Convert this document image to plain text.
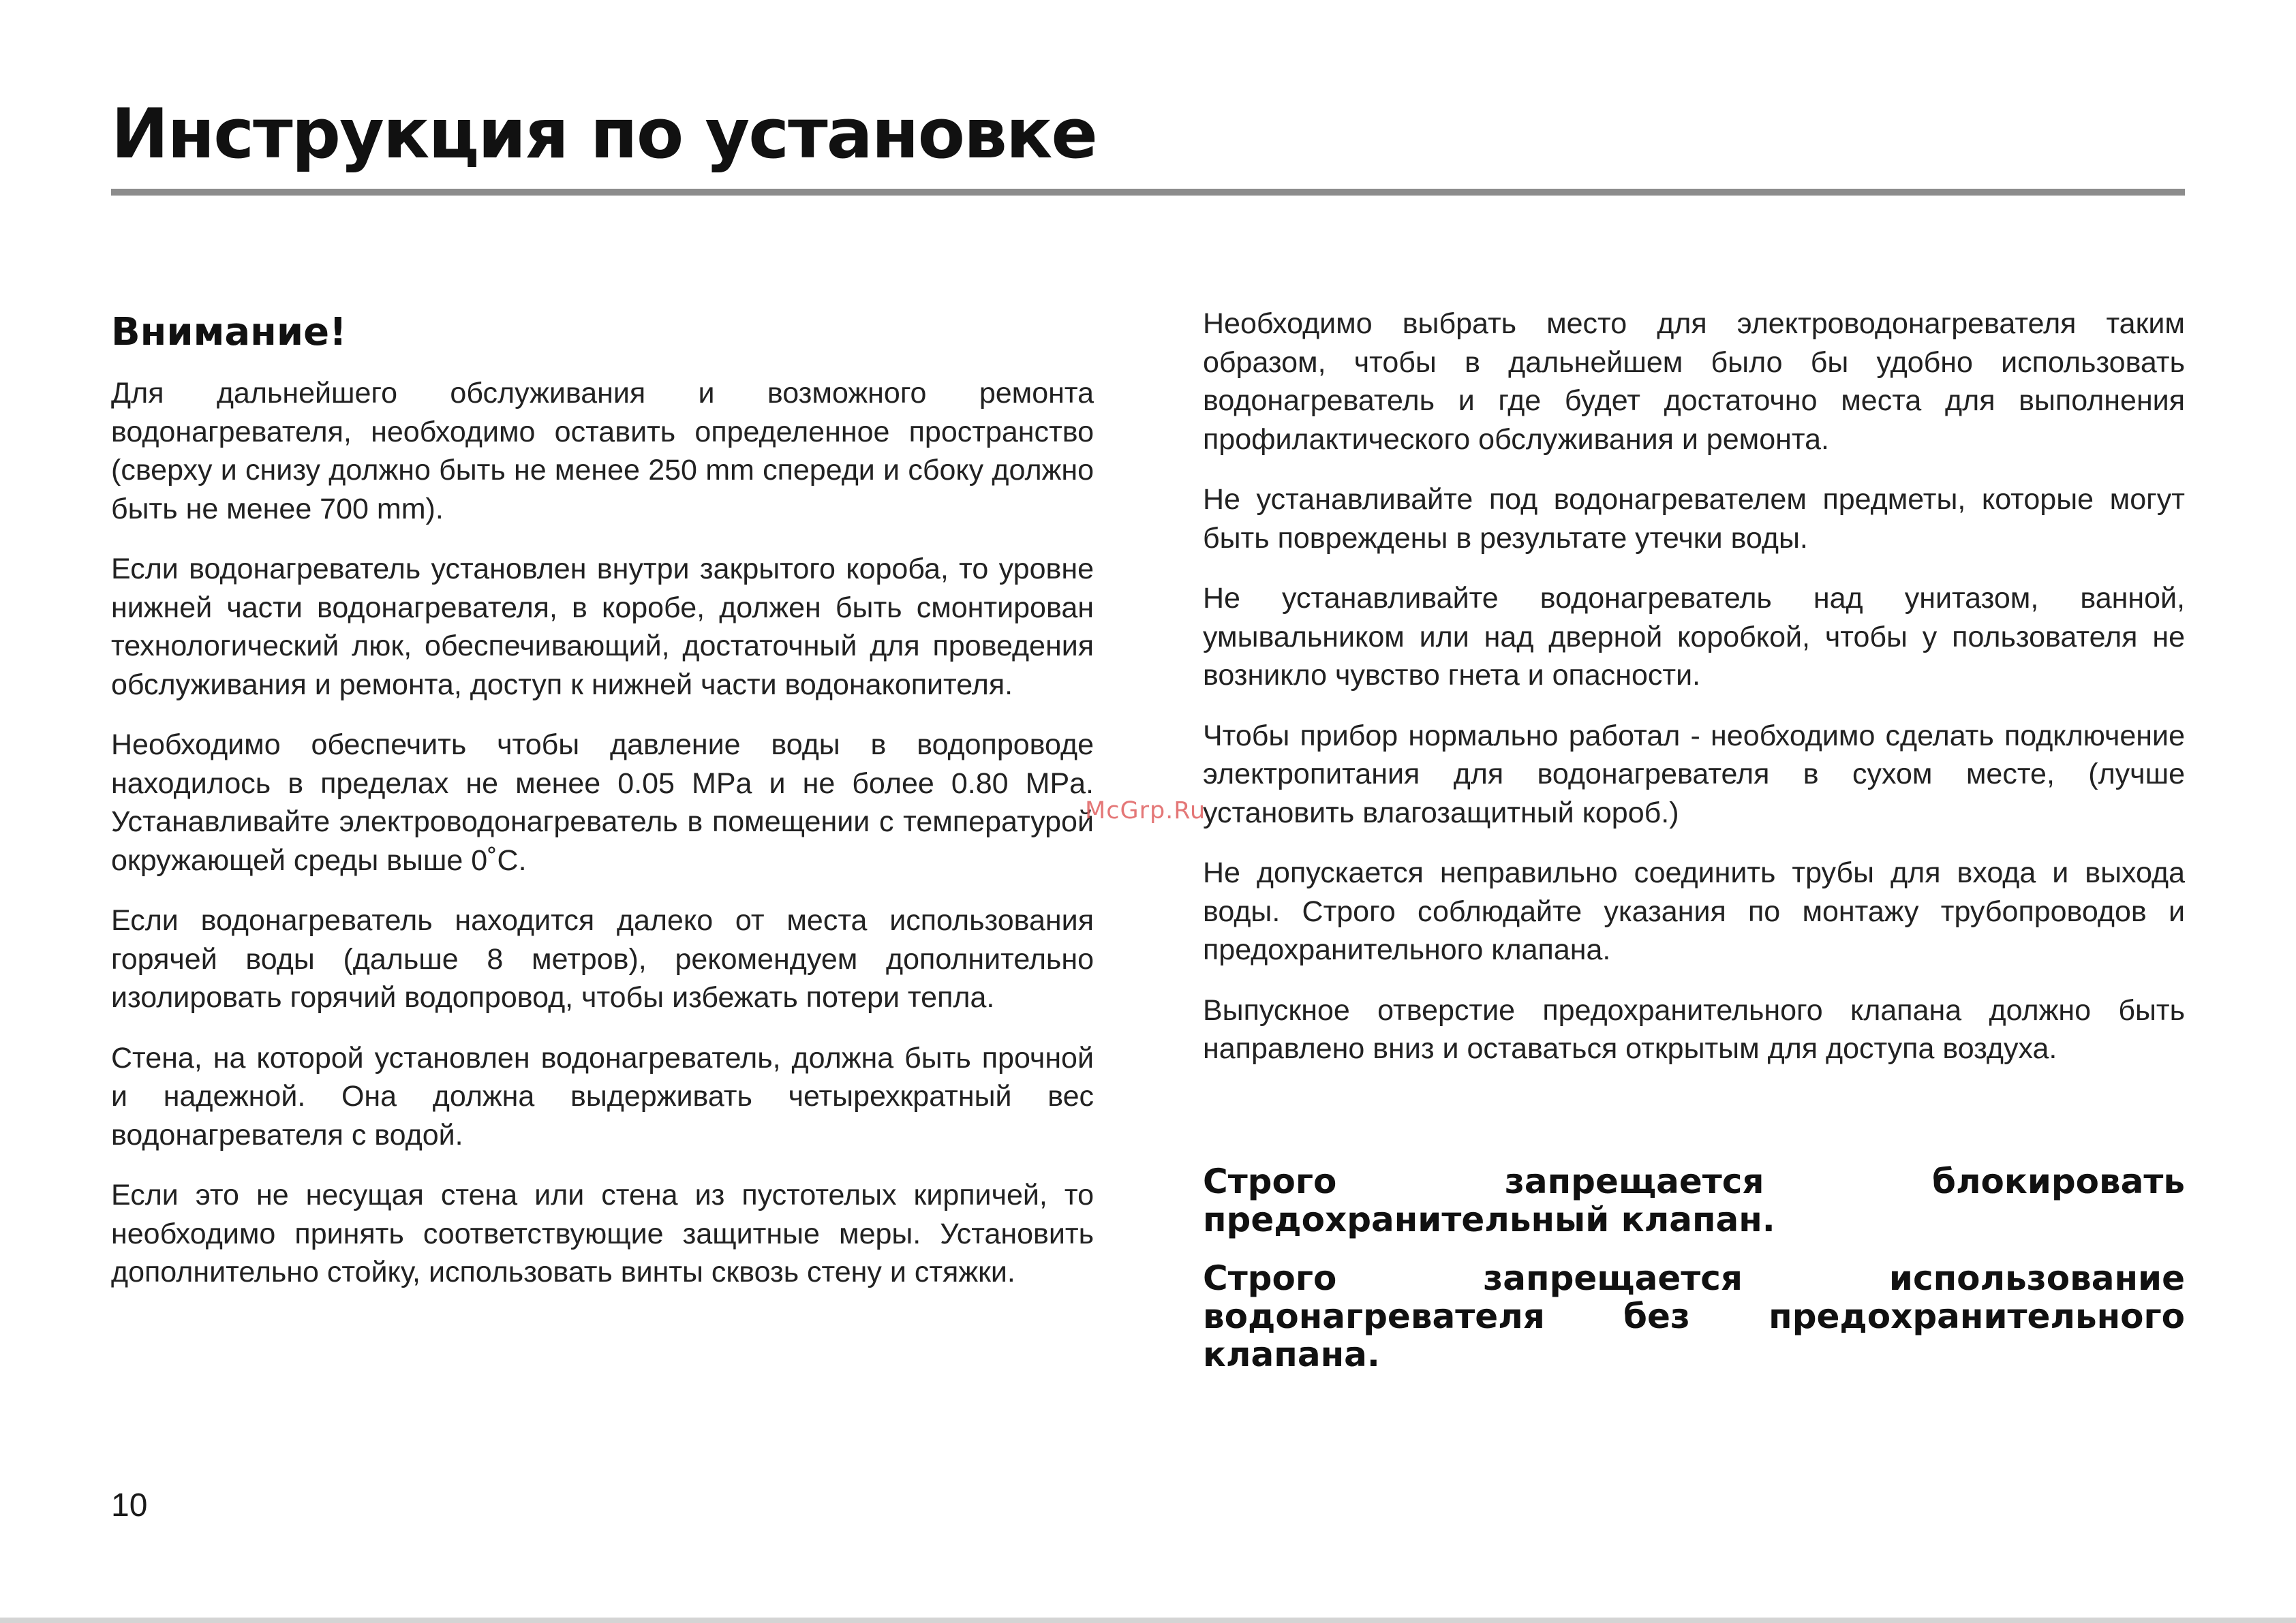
Инструкция по установке
Внимание!

Для дальнейшего обслуживания и возможного ремонта водонагревателя, необходимо оставить определенное пространство (сверху и снизу должно быть не менее 250 mm спереди и сбоку должно быть не менее 700 mm).

Если водонагреватель установлен внутри закрытого короба, то уровне нижней части водонагревателя, в коробе, должен быть смонтирован технологический люк, обеспечивающий, достаточный для проведения обслуживания и ремонта, доступ к нижней части водонакопителя.

Необходимо обеспечить чтобы давление воды в водопроводе находилось в пределах не менее 0.05 MPa и не более 0.80 MPa. Устанавливайте электроводонагреватель в помещении с температурой окружающей среды выше 0˚С.

Если водонагреватель находится далеко от места использования горячей воды (дальше 8 метров), рекомендуем дополнительно изолировать горячий водопровод, чтобы избежать потери тепла.

Стена, на которой установлен водонагреватель, должна быть прочной и надежной. Она должна выдерживать четырехкратный вес водонагревателя с водой.

Если это не несущая стена или стена из пустотелых кирпичей, то необходимо принять соответствующие защитные меры. Установить дополнительно стойку, использовать винты сквозь стену и стяжки.

Необходимо выбрать место для электроводонагревателя таким образом, чтобы в дальнейшем было бы удобно использовать водонагреватель и где будет достаточно места для выполнения профилактического обслуживания и ремонта.

Не устанавливайте под водонагревателем предметы, которые могут быть повреждены в результате утечки воды.

Не устанавливайте водонагреватель над унитазом, ванной, умывальником или над дверной коробкой, чтобы у пользователя не возникло чувство гнета и опасности.

Чтобы прибор нормально работал - необходимо сделать подключение электропитания для водонагревателя в сухом месте, (лучше установить влагозащитный короб.)

Не допускается неправильно соединить трубы для входа и выхода воды. Строго соблюдайте указания по монтажу трубопроводов и предохранительного клапана.

Выпускное отверстие предохранительного клапана должно быть направлено вниз и оставаться открытым для доступа воздуха.

Строго запрещается блокировать предохранительный клапан.

Строго запрещается использование водонагревателя без предохранительного клапана.

McGrp.Ru
10
